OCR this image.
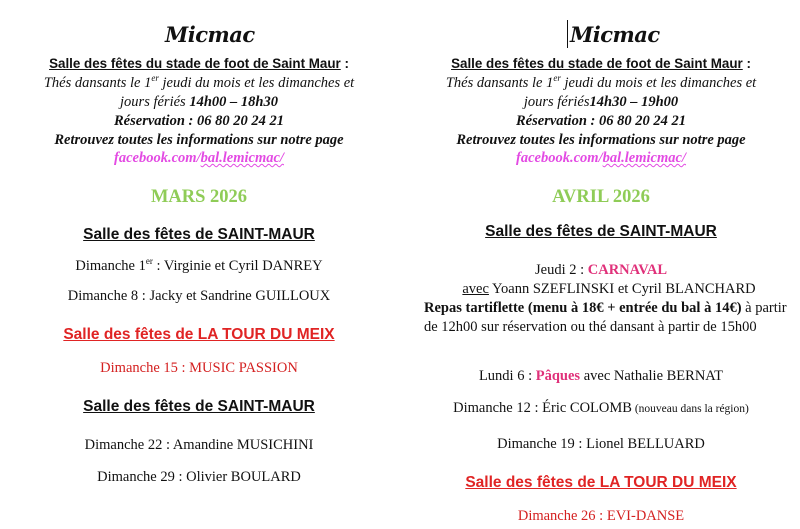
Micmac
Salle des fêtes du stade de foot de Saint Maur :
Thés dansants le 1er jeudi du mois et les dimanches et
jours fériés 14h00 – 18h30
Réservation : 06 80 20 24 21
Retrouvez toutes les informations sur notre page
facebook.com/bal.lemicmac/
MARS 2026
Salle des fêtes de SAINT-MAUR
Dimanche 1er : Virginie et Cyril DANREY
Dimanche 8 : Jacky et Sandrine GUILLOUX
Salle des fêtes de LA TOUR DU MEIX
Dimanche 15 : MUSIC PASSION
Salle des fêtes de SAINT-MAUR
Dimanche 22 : Amandine MUSICHINI
Dimanche 29 : Olivier BOULARD
Micmac
Salle des fêtes du stade de foot de Saint Maur :
Thés dansants le 1er jeudi du mois et les dimanches et
jours fériés14h30 – 19h00
Réservation : 06 80 20 24 21
Retrouvez toutes les informations sur notre page
facebook.com/bal.lemicmac/
AVRIL 2026
Salle des fêtes de SAINT-MAUR
Jeudi 2 : CARNAVAL
avec Yoann SZEFLINSKI et Cyril BLANCHARD
Repas tartiflette (menu à 18€ + entrée du bal à 14€) à partir de 12h00 sur réservation ou thé dansant à partir de 15h00
Lundi 6 : Pâques avec Nathalie BERNAT
Dimanche 12 : Éric COLOMB (nouveau dans la région)
Dimanche 19 : Lionel BELLUARD
Salle des fêtes de LA TOUR DU MEIX
Dimanche 26 : EVI-DANSE
